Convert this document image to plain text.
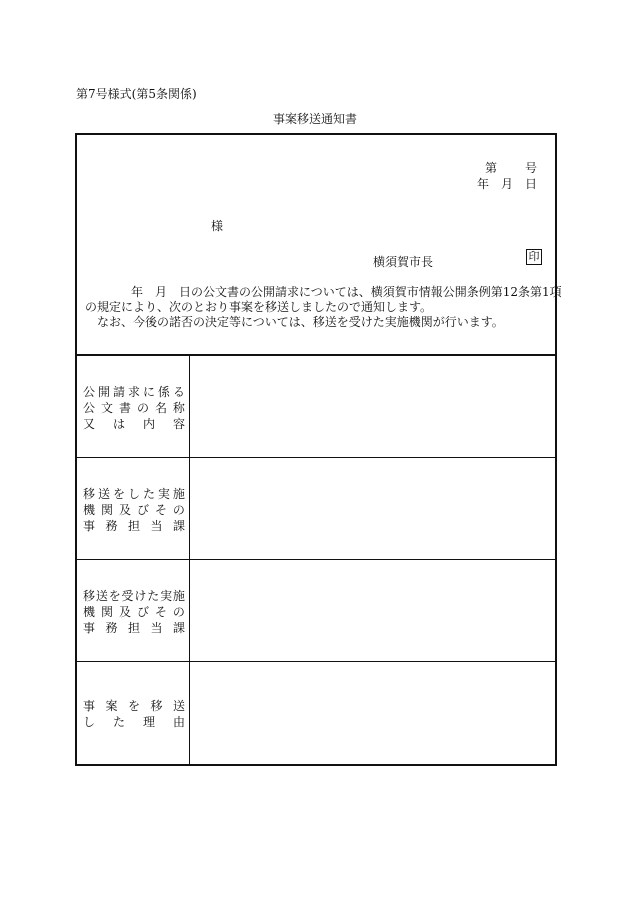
第7号様式(第5条関係)
事案移送通知書
第 号
年 月 日
様
横須賀市長	印
年　月　日の公文書の公開請求については、横須賀市情報公開条例第12条第1項
の規定により、次のとおり事案を移送しましたので通知します。
なお、今後の諾否の決定等については、移送を受けた実施機関が行います。
公 開 請 求 に 係 る
公 文 書 の 名 称
又 は 内 容
移 送 を し た 実 施
機 関 及 び そ の
事 務 担 当 課
移 送 を 受 け た 実 施
機 関 及 び そ の
事 務 担 当 課
事 案 を 移 送
し た 理 由
